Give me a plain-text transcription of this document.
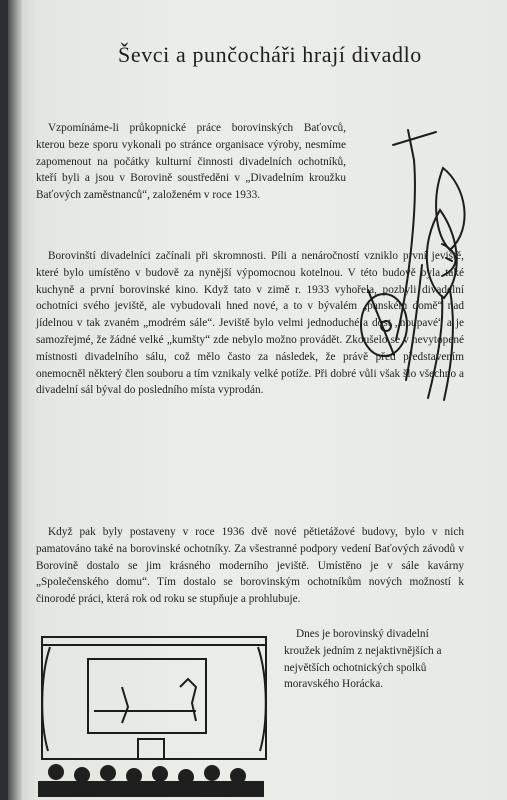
Ševci a punčocháři hrají divadlo

Vzpomínáme-li průkopnické práce borovinských Baťovců, kterou beze sporu vykonali po stránce organisace výroby, nesmíme zapomenout na počátky kulturní činnosti divadelních ochotníků, kteří byli a jsou v Borovině soustředěni v „Divadelním kroužku Baťových zaměstnanců“, založeném v roce 1933.

Borovinští divadelníci začínali při skromnosti. Píli a nenáročností vzniklo první jeviště, které bylo umístěno v budově za nynější výpomocnou kotelnou. V této budově byla také kuchyně a první borovinské kino. Když tato v zimě r. 1933 vyhořela, pozbyli divadelní ochotníci svého jeviště, ale vybudovali hned nové, a to v bývalém „panském domě“ nad jídelnou v tak zvaném „modrém sále“. Jeviště bylo velmi jednoduché a dost „houpavé“ a je samozřejmé, že žádné velké „kumšty“ zde nebylo možno provádět. Zkoušelo se v nevytopené místnosti divadelního sálu, což mělo často za následek, že právě před představením onemocněl některý člen souboru a tím vznikaly velké potíže. Při dobré vůli však šlo všechno a divadelní sál býval do posledního místa vyprodán.

Když pak byly postaveny v roce 1936 dvě nové pětietážové budovy, bylo v nich pamatováno také na borovinské ochotníky. Za všestranné podpory vedení Baťových závodů v Borovině dostalo se jim krásného moderního jeviště. Umístěno je v sále kavárny „Společenského domu“. Tím dostalo se borovinským ochotníkům nových možností k činorodé práci, která rok od roku se stupňuje a prohlubuje.

Dnes je borovinský divadelní kroužek jedním z nejaktivnějších a největších ochotnických spolků moravského Horácka.
